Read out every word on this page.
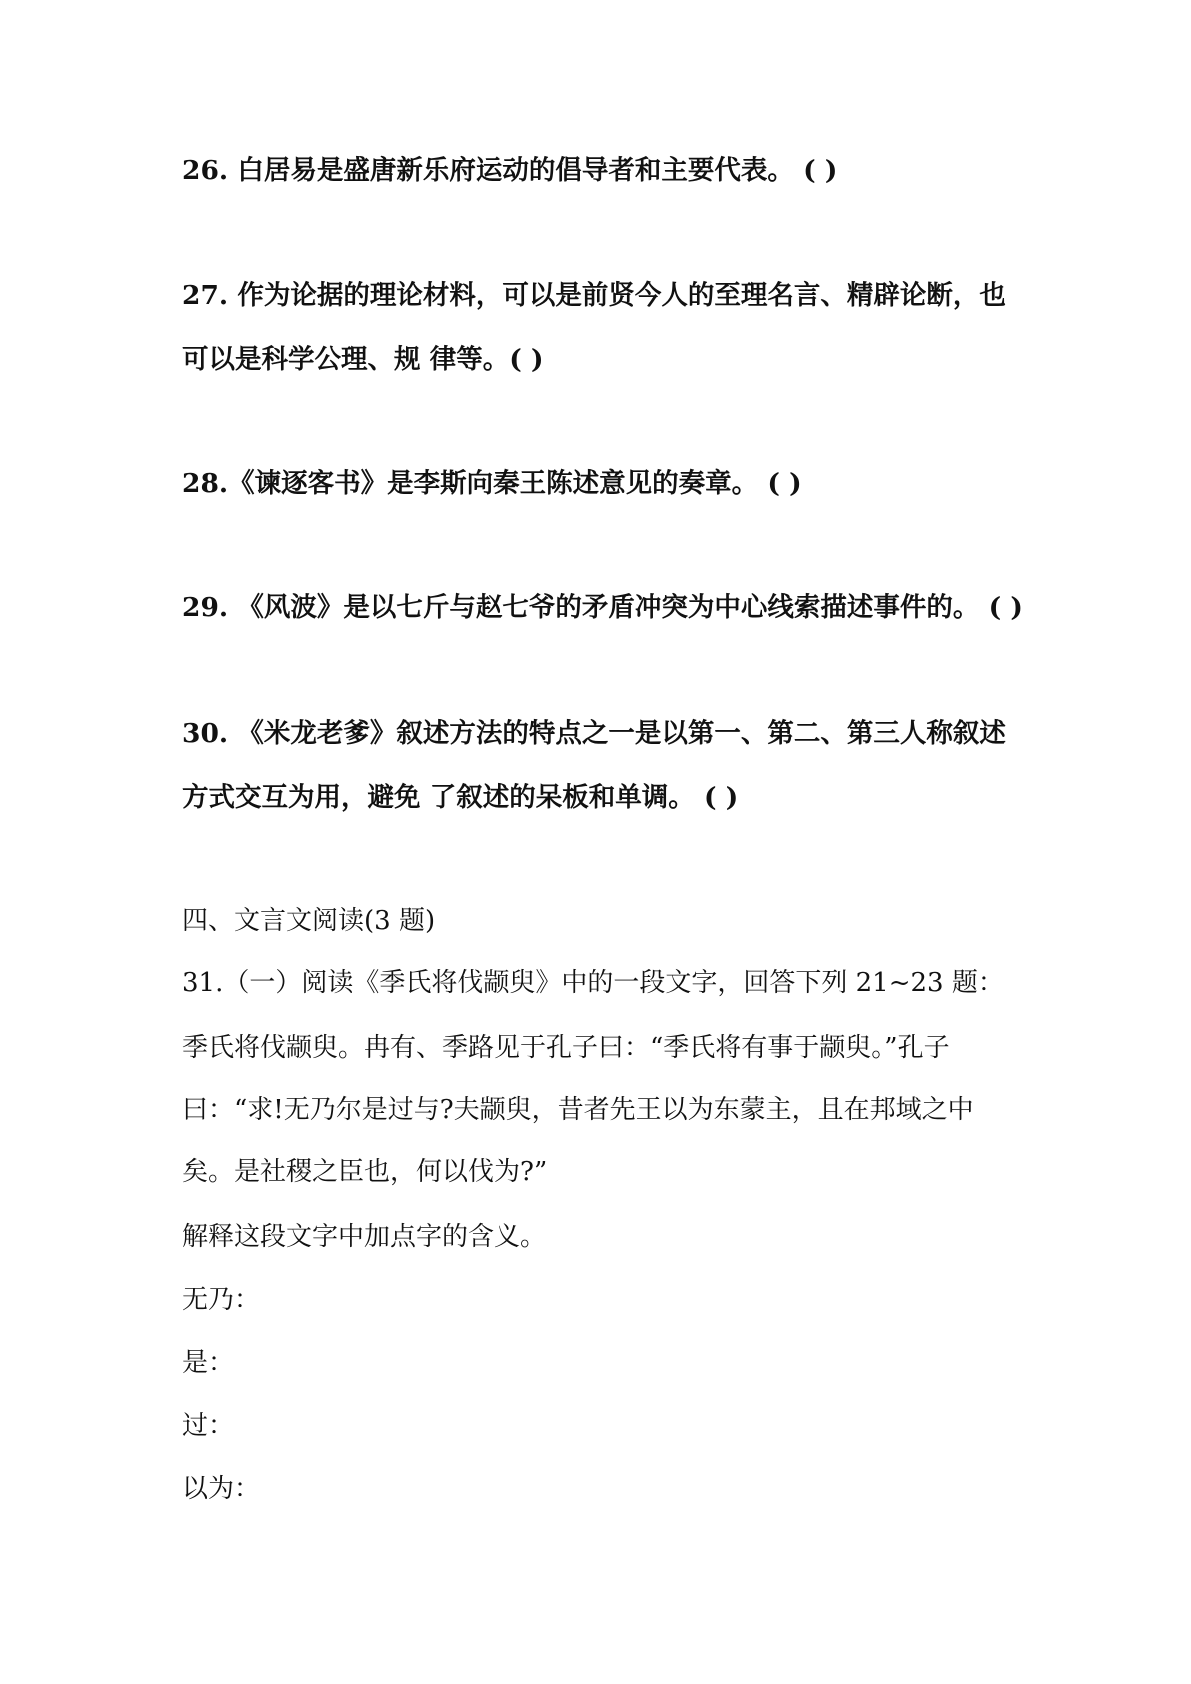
26. 白居易是盛唐新乐府运动的倡导者和主要代表。 ( )
27. 作为论据的理论材料，可以是前贤今人的至理名言、精辟论断，也
可以是科学公理、规 律等。( )
28.《谏逐客书》是李斯向秦王陈述意见的奏章。 ( )
29. 《风波》是以七斤与赵七爷的矛盾冲突为中心线索描述事件的。 ( )
30. 《米龙老爹》叙述方法的特点之一是以第一、第二、第三人称叙述
方式交互为用，避免 了叙述的呆板和单调。 ( )
四、文言文阅读(3 题)
31.（一）阅读《季氏将伐颛臾》中的一段文字，回答下列 21~23 题：
季氏将伐颛臾。冉有、季路见于孔子曰：“季氏将有事于颛臾。”孔子
曰：“求!无乃尔是过与?夫颛臾，昔者先王以为东蒙主，且在邦域之中
矣。是社稷之臣也，何以伐为?”
解释这段文字中加点字的含义。
无乃：
是：
过：
以为：
